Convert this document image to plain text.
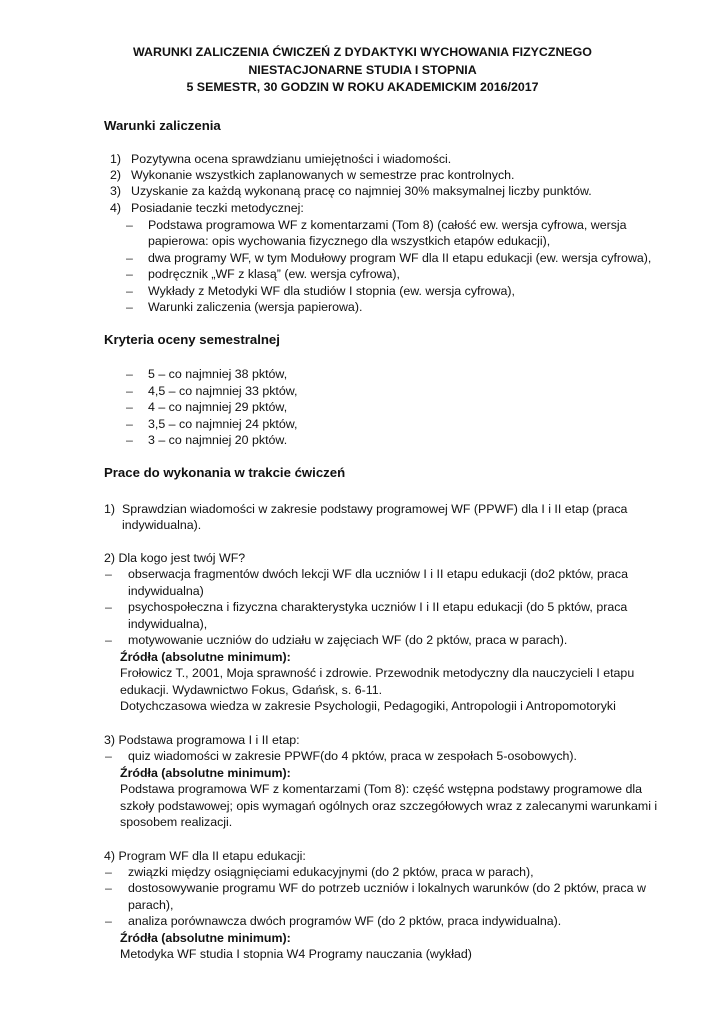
WARUNKI ZALICZENIA ĆWICZEŃ Z DYDAKTYKI WYCHOWANIA FIZYCZNEGO
NIESTACJONARNE STUDIA I STOPNIA
5 SEMESTR, 30 GODZIN W ROKU AKADEMICKIM 2016/2017
Warunki zaliczenia
1) Pozytywna ocena sprawdzianu umiejętności i wiadomości.
2) Wykonanie wszystkich zaplanowanych w semestrze prac kontrolnych.
3) Uzyskanie za każdą wykonaną pracę co najmniej 30% maksymalnej liczby punktów.
4) Posiadanie teczki metodycznej:
– Podstawa programowa WF z komentarzami (Tom 8) (całość ew. wersja cyfrowa, wersja
papierowa: opis wychowania fizycznego dla wszystkich etapów edukacji),
– dwa programy WF, w tym Modułowy program WF dla II etapu edukacji (ew. wersja cyfrowa),
– podręcznik „WF z klasą” (ew. wersja cyfrowa),
– Wykłady z Metodyki WF dla studiów I stopnia (ew. wersja cyfrowa),
– Warunki zaliczenia (wersja papierowa).
Kryteria oceny semestralnej
– 5 – co najmniej 38 pktów,
– 4,5 – co najmniej 33 pktów,
– 4 – co najmniej 29 pktów,
– 3,5 – co najmniej 24 pktów,
– 3 – co najmniej 20 pktów.
Prace do wykonania w trakcie ćwiczeń
1) Sprawdzian wiadomości w zakresie podstawy programowej WF (PPWF) dla I i II etap (praca
indywidualna).
2) Dla kogo jest twój WF?
– obserwacja fragmentów dwóch lekcji WF dla uczniów I i II etapu edukacji (do2 pktów, praca
indywidualna)
– psychospołeczna i fizyczna charakterystyka uczniów I i II etapu edukacji (do 5 pktów, praca
indywidualna),
– motywowanie uczniów do udziału w zajęciach WF (do 2 pktów, praca w parach).
Źródła (absolutne minimum):
Frołowicz T., 2001, Moja sprawność i zdrowie. Przewodnik metodyczny dla nauczycieli I etapu
edukacji. Wydawnictwo Fokus, Gdańsk, s. 6-11.
Dotychczasowa wiedza w zakresie Psychologii, Pedagogiki, Antropologii i Antropomotoryki
3) Podstawa programowa I i II etap:
– quiz wiadomości w zakresie PPWF(do 4 pktów, praca w zespołach 5-osobowych).
Źródła (absolutne minimum):
Podstawa programowa WF z komentarzami (Tom 8): część wstępna podstawy programowe dla
szkoły podstawowej; opis wymagań ogólnych oraz szczegółowych wraz z zalecanymi warunkami i
sposobem realizacji.
4) Program WF dla II etapu edukacji:
– związki między osiągnięciami edukacyjnymi (do 2 pktów, praca w parach),
– dostosowywanie programu WF do potrzeb uczniów i lokalnych warunków (do 2 pktów, praca w
parach),
– analiza porównawcza dwóch programów WF (do 2 pktów, praca indywidualna).
Źródła (absolutne minimum):
Metodyka WF studia I stopnia W4 Programy nauczania (wykład)
